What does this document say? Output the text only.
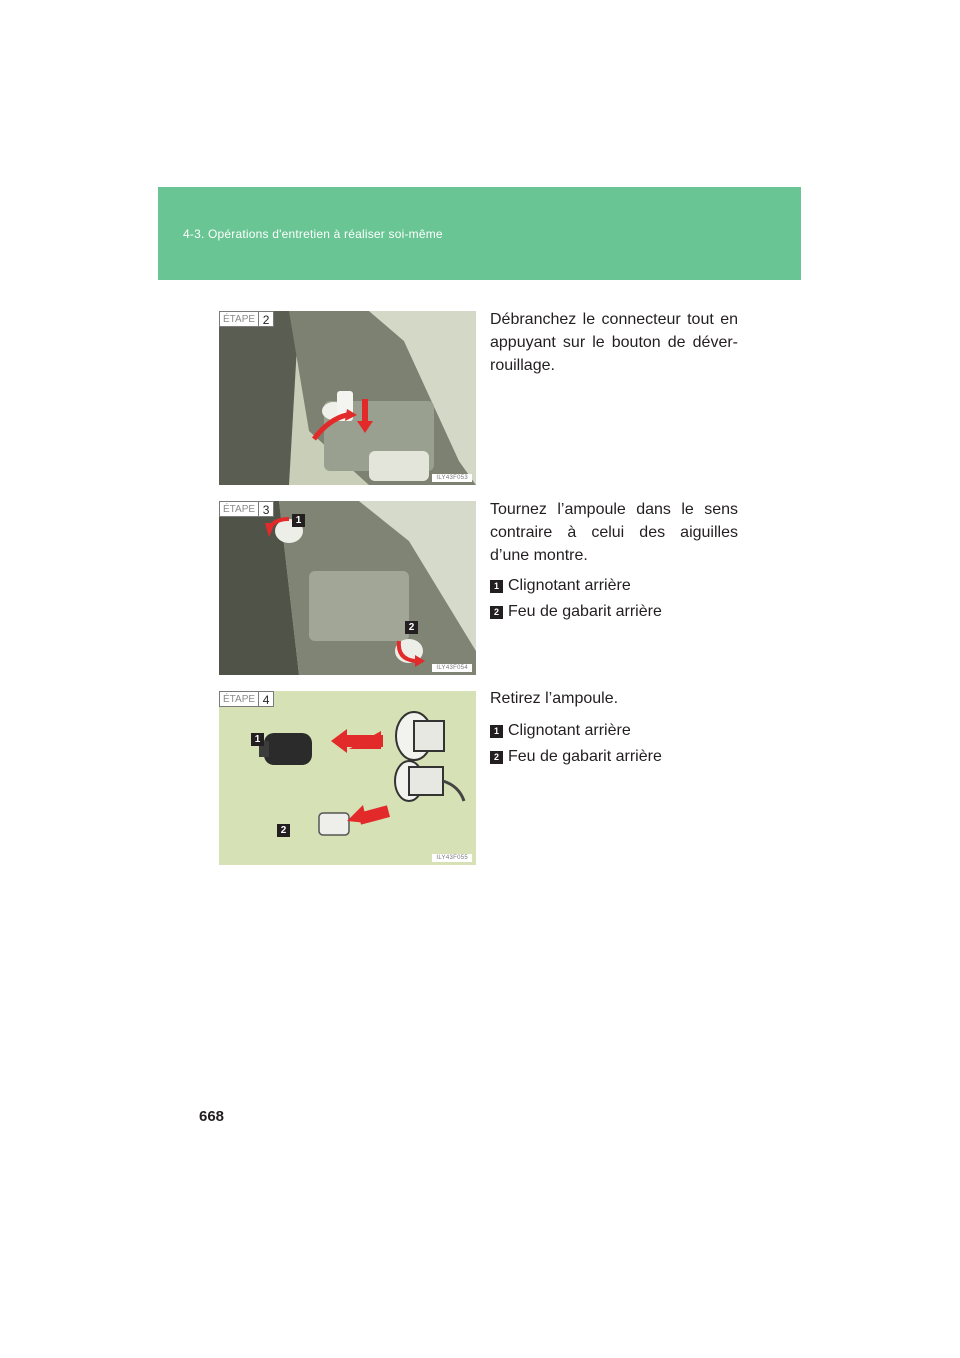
4-3. Opérations d'entretien à réaliser soi-même
ÉTAPE 2
ILY43F053

Débranchez le connecteur tout en appuyant sur le bouton de déver-rouillage.

ÉTAPE 3
1
2
ILY43F054

Tournez l’ampoule dans le sens contraire à celui des aiguilles d’une montre.

1 Clignotant arrière
2 Feu de gabarit arrière
ÉTAPE 4
1
2
ILY43F055

Retirez l’ampoule.

1 Clignotant arrière
2 Feu de gabarit arrière
668
